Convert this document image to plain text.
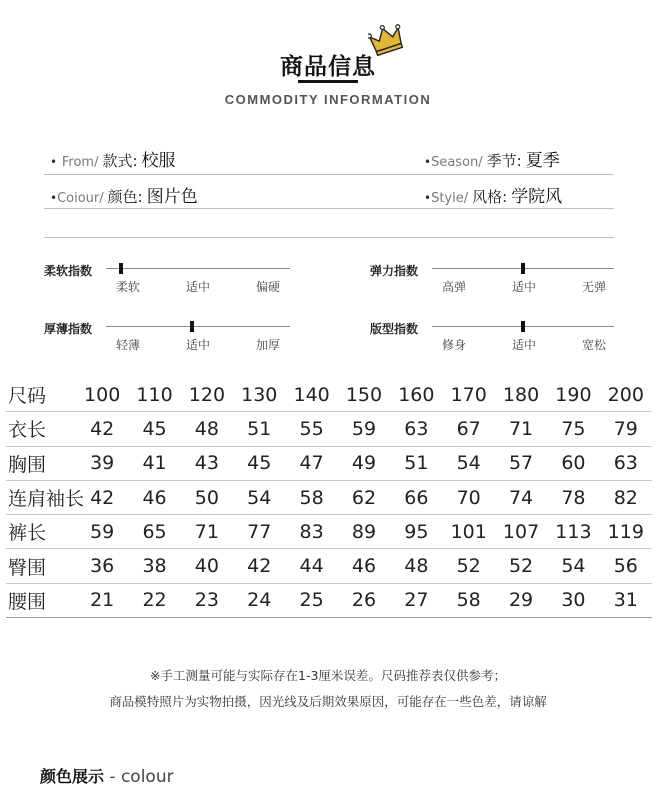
商品信息
COMMODITY INFORMATION
• From/ 款式: 校服	•Season/ 季节: 夏季
•Coiour/ 颜色: 图片色	•Style/ 风格: 学院风
柔软指数
柔软	适中	偏硬
弹力指数
高弹	适中	无弹
厚薄指数
轻薄	适中	加厚
版型指数
修身	适中	宽松
尺码	100	110	120	130	140	150	160	170	180	190	200
衣长	42	45	48	51	55	59	63	67	71	75	79
胸围	39	41	43	45	47	49	51	54	57	60	63
连肩袖长	42	46	50	54	58	62	66	70	74	78	82
裤长	59	65	71	77	83	89	95	101	107	113	119
臀围	36	38	40	42	44	46	48	52	52	54	56
腰围	21	22	23	24	25	26	27	58	29	30	31
※手工测量可能与实际存在1-3厘米误差。尺码推荐表仅供参考；
商品模特照片为实物拍摄，因光线及后期效果原因，可能存在一些色差，请谅解
颜色展示 - colour
